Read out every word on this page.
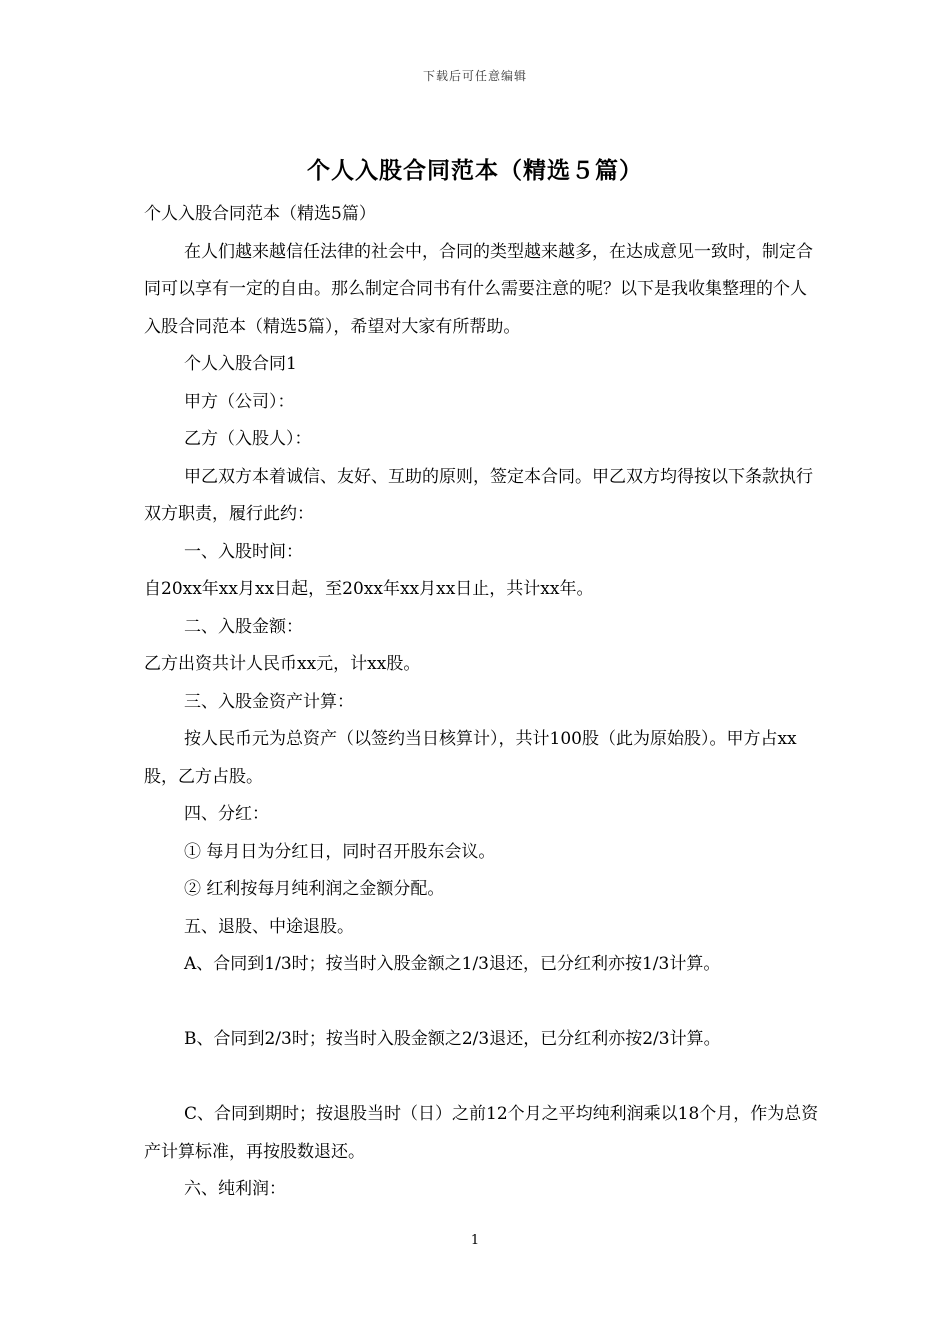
下载后可任意编辑
个人入股合同范本（精选５篇）

个人入股合同范本（精选5篇）

在人们越来越信任法律的社会中，合同的类型越来越多，在达成意见一致时，制定合同可以享有一定的自由。那么制定合同书有什么需要注意的呢？以下是我收集整理的个人入股合同范本（精选5篇），希望对大家有所帮助。

个人入股合同1

甲方（公司）：

乙方（入股人）：

甲乙双方本着诚信、友好、互助的原则，签定本合同。甲乙双方均得按以下条款执行双方职责，履行此约：

一、入股时间：

自20xx年xx月xx日起，至20xx年xx月xx日止，共计xx年。

二、入股金额：

乙方出资共计人民币xx元，计xx股。

三、入股金资产计算：

按人民币元为总资产（以签约当日核算计），共计100股（此为原始股）。甲方占xx股，乙方占股。

四、分红：

① 每月日为分红日，同时召开股东会议。

② 红利按每月纯利润之金额分配。

五、退股、中途退股。

A、合同到1/3时；按当时入股金额之1/3退还，已分红利亦按1/3计算。

B、合同到2/3时；按当时入股金额之2/3退还，已分红利亦按2/3计算。

C、合同到期时；按退股当时（日）之前12个月之平均纯利润乘以18个月，作为总资产计算标准，再按股数退还。

六、纯利润：

1
